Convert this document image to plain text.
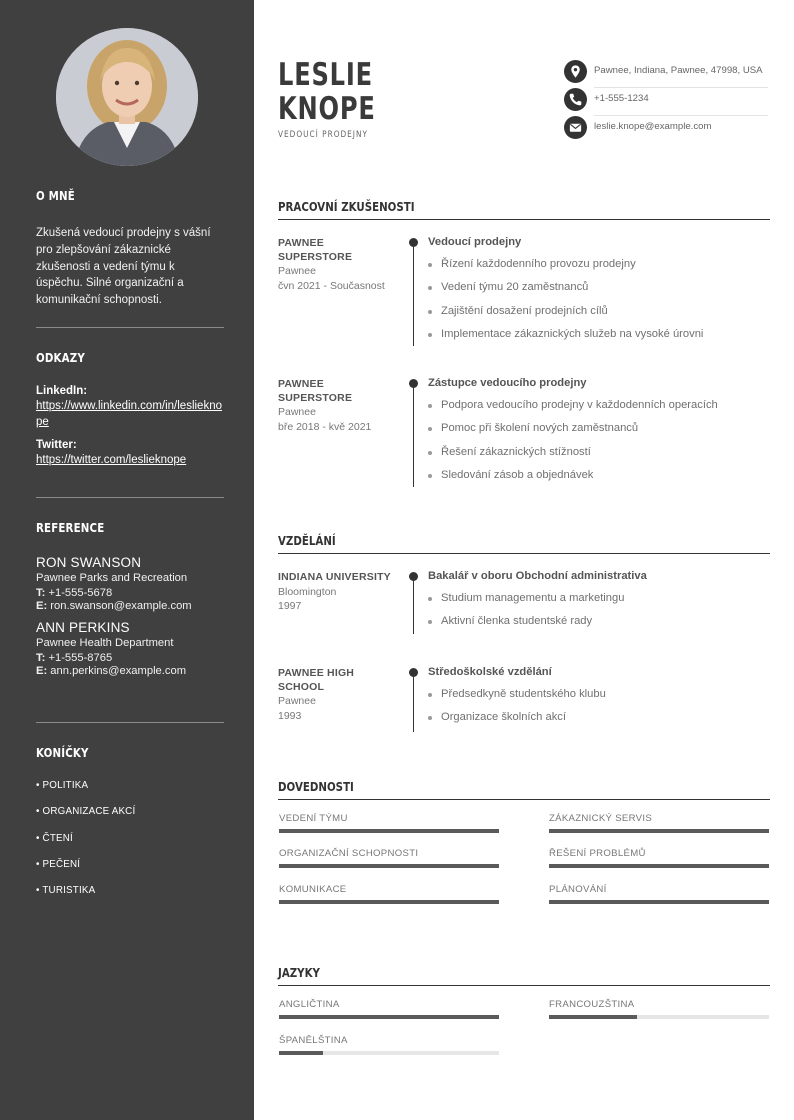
O MNĚ
Zkušená vedoucí prodejny s vášní pro zlepšování zákaznické zkušenosti a vedení týmu k úspěchu. Silné organizační a komunikační schopnosti.
ODKAZY
LinkedIn:
https://www.linkedin.com/in/leslieknope
Twitter:
https://twitter.com/leslieknope
REFERENCE
RON SWANSON
Pawnee Parks and Recreation
T: +1-555-5678
E: ron.swanson@example.com
ANN PERKINS
Pawnee Health Department
T: +1-555-8765
E: ann.perkins@example.com
KONÍČKY
• POLITIKA
• ORGANIZACE AKCÍ
• ČTENÍ
• PEČENÍ
• TURISTIKA
LESLIE
KNOPE
VEDOUCÍ PRODEJNY
Pawnee, Indiana, Pawnee, 47998, USA
+1-555-1234
leslie.knope@example.com
PRACOVNÍ ZKUŠENOSTI
PAWNEE SUPERSTORE
Pawnee
čvn 2021 - Současnost
Vedoucí prodejny
Řízení každodenního provozu prodejny
Vedení týmu 20 zaměstnanců
Zajištění dosažení prodejních cílů
Implementace zákaznických služeb na vysoké úrovni
PAWNEE SUPERSTORE
Pawnee
bře 2018 - kvě 2021
Zástupce vedoucího prodejny
Podpora vedoucího prodejny v každodenních operacích
Pomoc při školení nových zaměstnanců
Řešení zákaznických stížností
Sledování zásob a objednávek
VZDĚLÁNÍ
INDIANA UNIVERSITY
Bloomington
1997
Bakalář v oboru Obchodní administrativa
Studium managementu a marketingu
Aktivní členka studentské rady
PAWNEE HIGH SCHOOL
Pawnee
1993
Středoškolské vzdělání
Předsedkyně studentského klubu
Organizace školních akcí
DOVEDNOSTI
VEDENÍ TÝMU	ZÁKAZNICKÝ SERVIS
ORGANIZAČNÍ SCHOPNOSTI	ŘEŠENÍ PROBLÉMŮ
KOMUNIKACE	PLÁNOVÁNÍ
JAZYKY
ANGLIČTINA	FRANCOUZŠTINA
ŠPANĚLŠTINA
